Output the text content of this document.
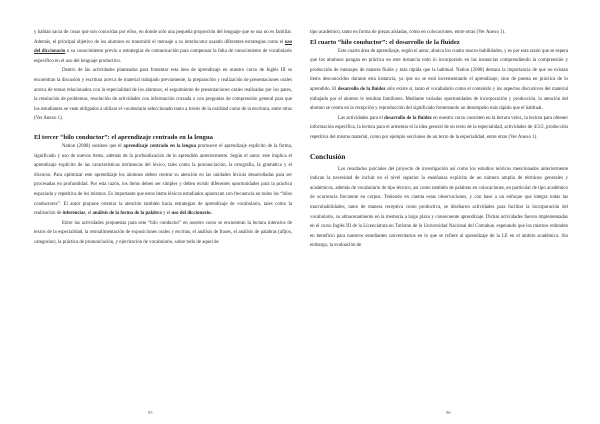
y habían sacra de cosas que son conocidas por ellos, en donde sólo una pequeña proporción del lenguaje que se usa no es familiar. Además, el principal objetivo de los alumnos es transmitir el mensaje a su interlocutor usando diferentes estrategias como el uso del diccionario o su conocimiento previo o estrategias de comunicación para compensar la falta de conocimiento de vocabulario específico en el uso del lenguaje productivo.

Dentro de las actividades planteadas para fomentar esta área de aprendizaje en nuestro curso de Inglés III se encuentran la discusión y escritura acerca de material trabajado previamente, la preparación y realización de presentaciones orales acerca de temas relacionados con la especialidad de los alumnos, el seguimiento de presentaciones orales realizadas por los pares, la resolución de problemas, resolución de actividades con información cruzada o con preguntas de comprensión general para que los estudiantes se vean obligados a utilizar el vocabulario seleccionado tanto a través de la oralidad como de la escritura, entre otras (Ver Anexo 1).

El tercer “hilo conductor”: el aprendizaje centrado en la lengua

Nation (2008) sostiene que el aprendizaje centrado en la lengua promueve el aprendizaje explícito de la forma, significado y uso de nuevos ítems, además de la profundización de lo aprendido anteriormente. Según el autor, este implica el aprendizaje explícito de las características intrínsecas del léxico, tales como la pronunciación, la ortografía, la gramática y el discurso. Para optimizar este aprendizaje los alumnos deben centrar su atención en las unidades léxicas desarrolladas para ser procesadas en profundidad. Por esta razón, los ítems deben ser simples y deben existir diferentes oportunidades para la práctica espaciada y repetitiva de los mismos. Es importante que estos ítems léxicos estudiados aparezcan con frecuencia en todos los “hilos conductores”. El autor propone orientar la atención también hacia estrategias de aprendizaje de vocabulario, tales como la realización de inferencias, el análisis de la forma de la palabra y el uso del diccionario.

Entre las actividades propuestas para este “hilo conductor” en nuestro curso se encuentran la lectura intensiva de textos de la especialidad, la retroalimentación de exposiciones orales y escritas, el análisis de frases, el análisis de palabras (afijos, categorías), la práctica de pronunciación, y ejercitación de vocabulario, sobre todo de aquel de

tipo académico, tanto en forma de piezas aisladas, como en colocaciones, entre otras (Ver Anexo 1).

El cuarto “hilo conductor”: el desarrollo de la fluidez

Este cuarto área de aprendizaje, según el autor, abarca los cuatro macro-habilidades, y es por esta razón que se espera que los alumnos pongan en práctica en este instancia todo lo incorporado en las instancias comprendiendo la comprensión y producción de mensajes de manera fluida y más rápida que la habitual. Nation (2008) destaca la importancia de que no existan ítems desconocidos durante esta instancia, ya que no se está incrementando el aprendizaje, sino de puesta en práctica de lo aprendido. El desarrollo de la fluidez sólo existe si, tanto el vocabulario como el contenido y los aspectos discursivos del material trabajado por el alumno le resultan familiares. Mediante variadas oportunidades de incorporación y producción, la atención del alumno se centra en la recepción y reproducción del significado fomentando un desempeño más rápido que el habitual.

Las actividades para el desarrollo de la fluidez en nuestro curso consisten en la lectura veloz, la lectura para obtener información específica, la lectura para el armentar el la idea general de un texto de la especialidad, actividades de 4/3/2, producción repetitiva del mismo material, como por ejemplo secciones de un texto de la especialidad, entre otras (Ver Anexo 1).

Conclusión

Los resultados parciales del proyecto de investigación así como los estudios teóricos mencionados anteriormente indican la necesidad de incluir en el nivel superior la enseñanza explícita de un número amplio de términos generales y académicos, además de vocabulario de tipo técnico, así como también de palabras en colocaciones, en particular de tipo académico de ocurrencia frecuente en corpus. Teniendo en cuenta estas observaciones, y con base a un enfoque que integra todas las macrohabilidades, tanto de manera receptiva como productiva, se diseñaron actividades para facilitar la incorporación del vocabulario, su almacenamiento en la memoria a largo plazo y consecuente aprendizaje. Dichas actividades fueron implementadas en el curso Inglés III de la Licenciatura en Turismo de la Universidad Nacional del Comahue, esperando que los mismos redunden en beneficio para nuestros estudiantes universitarios en lo que se refiere al aprendizaje de la LE en el ámbito académico. Sin embargo, la evaluación de

95	96
